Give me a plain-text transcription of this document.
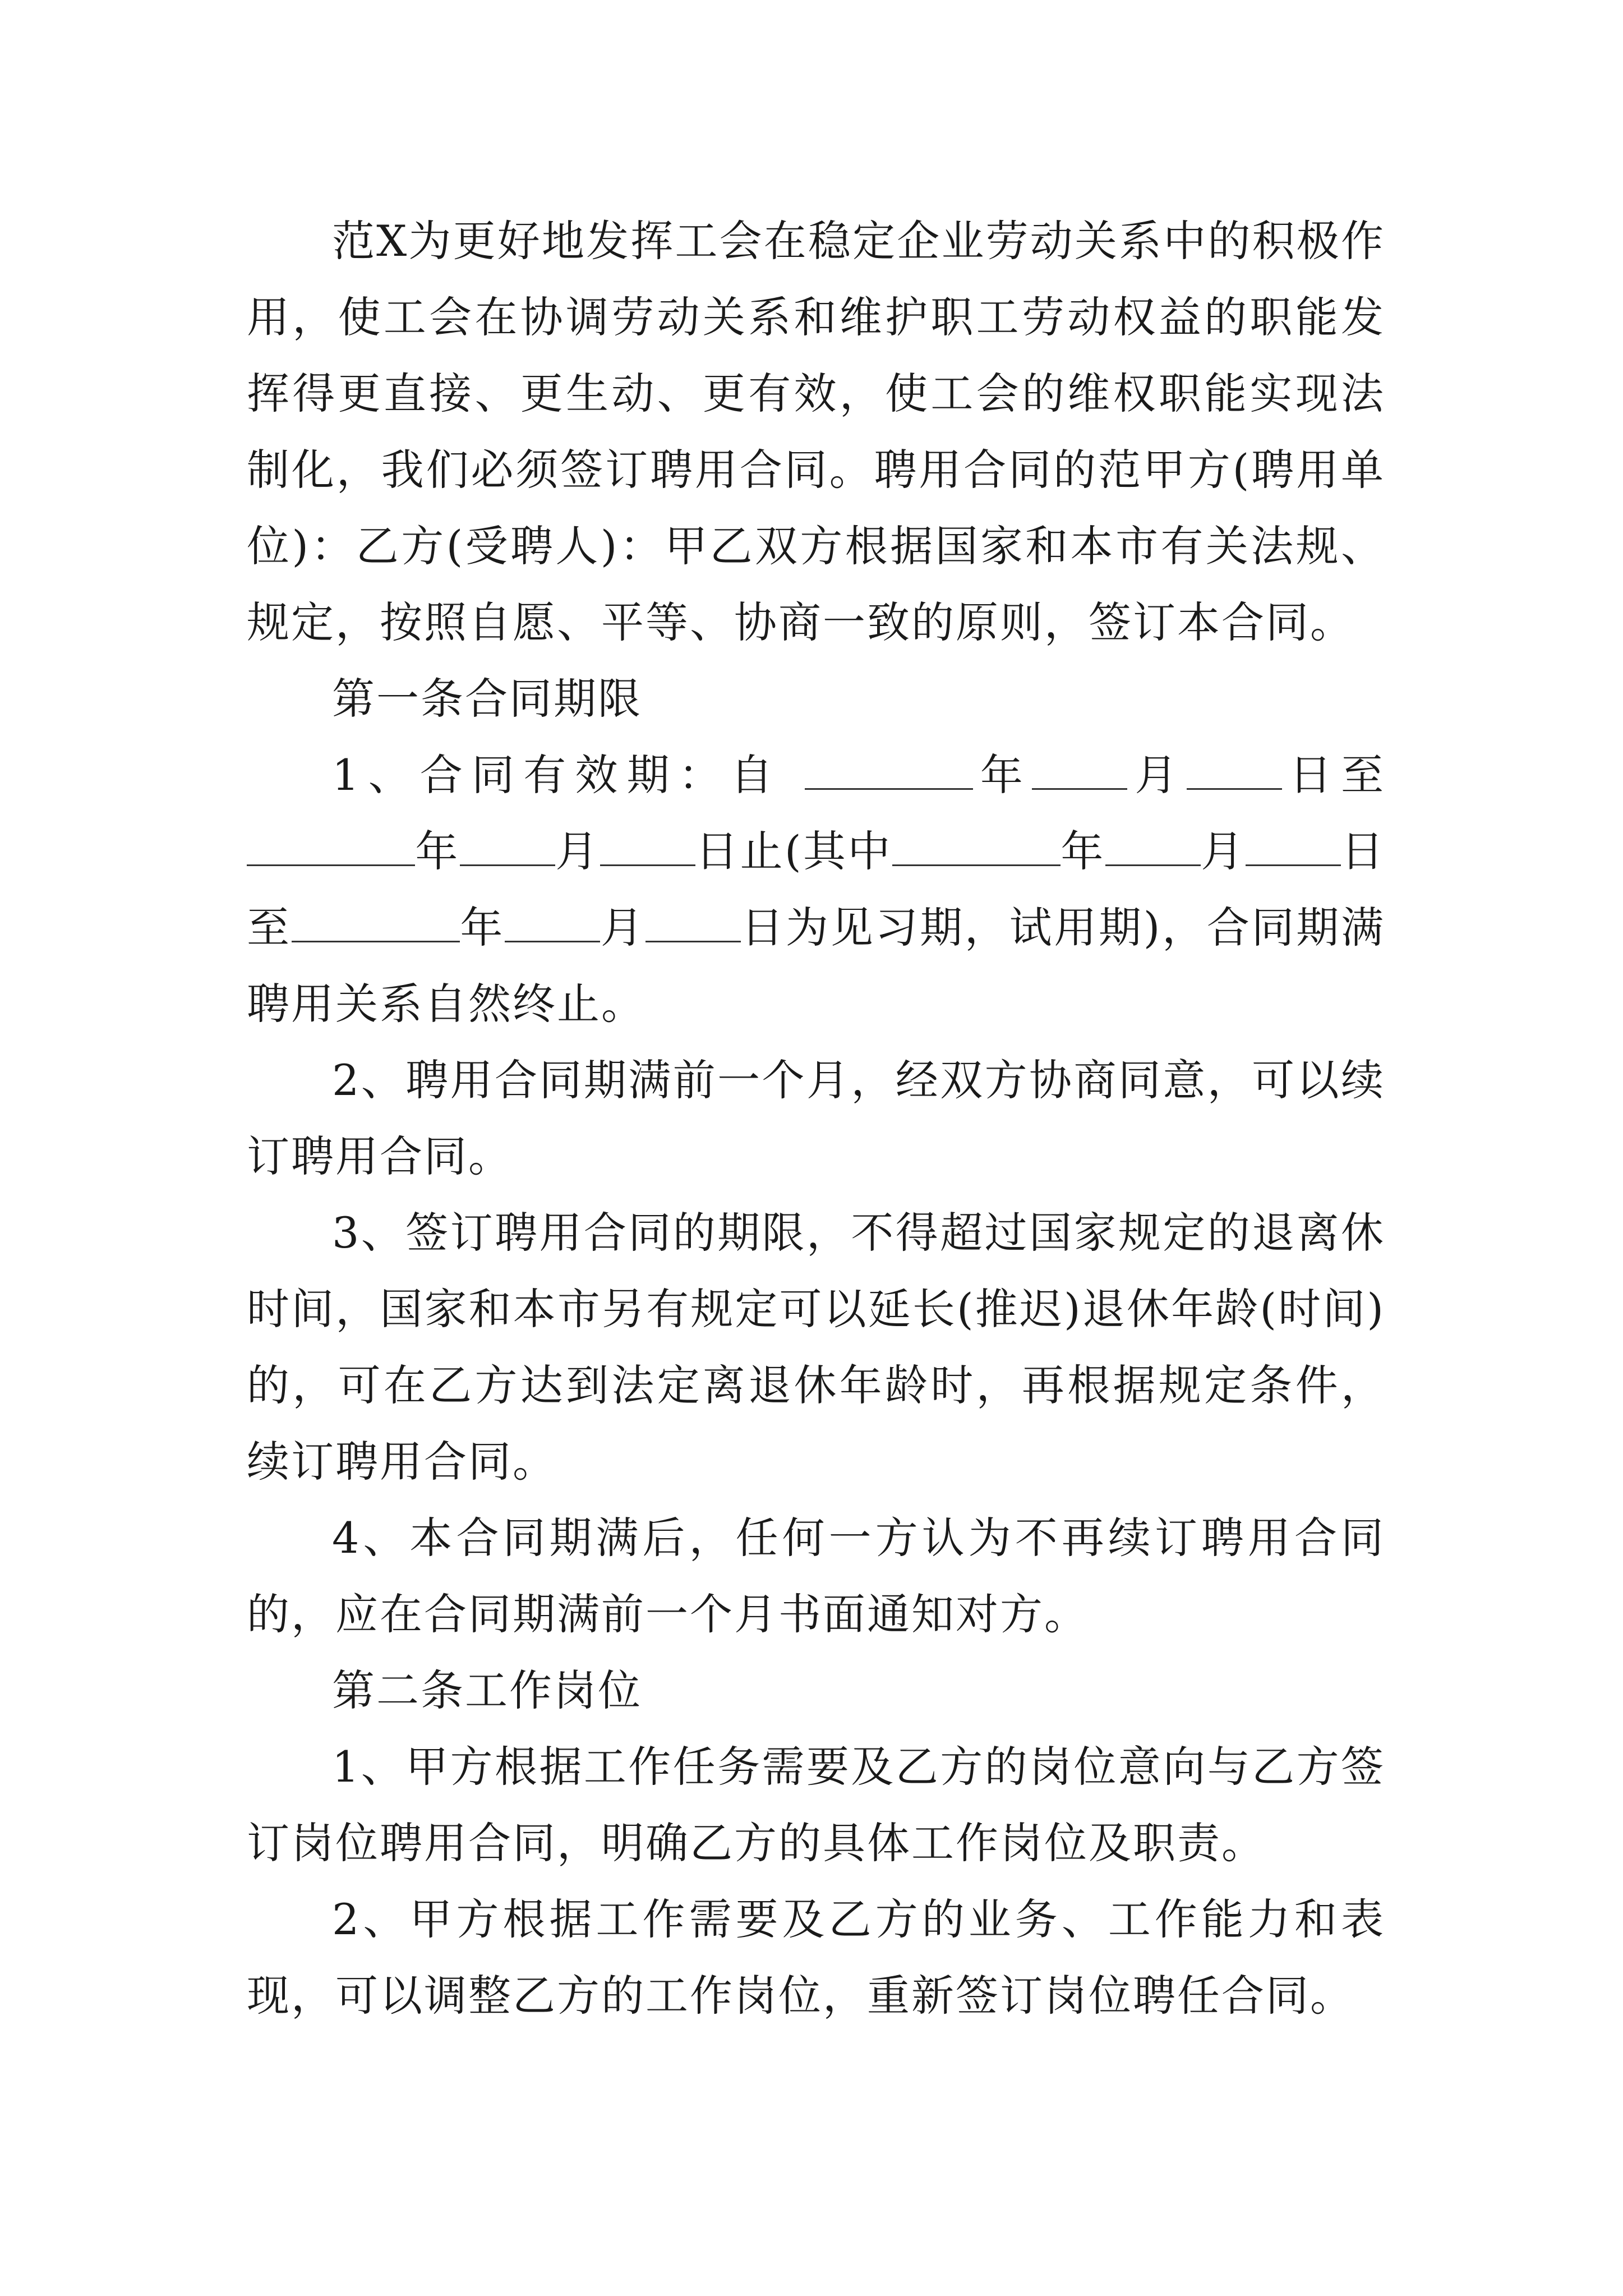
范X为更好地发挥工会在稳定企业劳动关系中的积极作用，使工会在协调劳动关系和维护职工劳动权益的职能发挥得更直接、更生动、更有效，使工会的维权职能实现法制化，我们必须签订聘用合同。聘用合同的范甲方(聘用单位)：乙方(受聘人)：甲乙双方根据国家和本市有关法规、规定，按照自愿、平等、协商一致的原则，签订本合同。

第一条合同期限

1、合同有效期：自	年 月 日至年 月 日止(其中	年 月 日至	年 月 日为见习期，试用期)，合同期满聘用关系自然终止。

2、聘用合同期满前一个月，经双方协商同意，可以续订聘用合同。

3、签订聘用合同的期限，不得超过国家规定的退离休时间，国家和本市另有规定可以延长(推迟)退休年龄(时间)的，可在乙方达到法定离退休年龄时，再根据规定条件，续订聘用合同。

4、本合同期满后，任何一方认为不再续订聘用合同的，应在合同期满前一个月书面通知对方。

第二条工作岗位

1、甲方根据工作任务需要及乙方的岗位意向与乙方签订岗位聘用合同，明确乙方的具体工作岗位及职责。

2、甲方根据工作需要及乙方的业务、工作能力和表现，可以调整乙方的工作岗位，重新签订岗位聘任合同。
